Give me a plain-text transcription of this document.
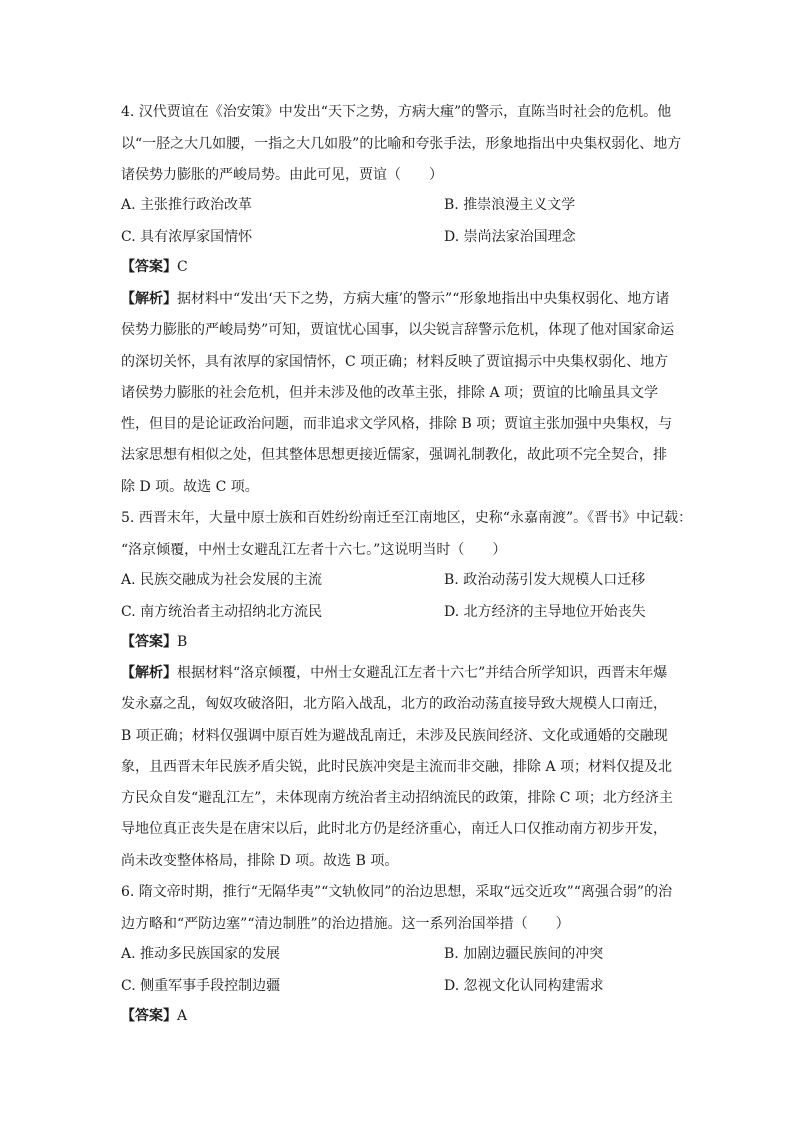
4. 汉代贾谊在《治安策》中发出“天下之势，方病大瘇”的警示，直陈当时社会的危机。他
以“一胫之大几如腰，一指之大几如股”的比喻和夸张手法，形象地指出中央集权弱化、地方
诸侯势力膨胀的严峻局势。由此可见，贾谊（　　）
A. 主张推行政治改革	B. 推崇浪漫主义文学
C. 具有浓厚家国情怀	D. 崇尚法家治国理念
【答案】C
【解析】据材料中“发出‘天下之势，方病大瘇’的警示”“形象地指出中央集权弱化、地方诸
侯势力膨胀的严峻局势”可知，贾谊忧心国事，以尖锐言辞警示危机，体现了他对国家命运
的深切关怀，具有浓厚的家国情怀，C 项正确；材料反映了贾谊揭示中央集权弱化、地方
诸侯势力膨胀的社会危机，但并未涉及他的改革主张，排除 A 项；贾谊的比喻虽具文学
性，但目的是论证政治问题，而非追求文学风格，排除 B 项；贾谊主张加强中央集权，与
法家思想有相似之处，但其整体思想更接近儒家，强调礼制教化，故此项不完全契合，排
除 D 项。故选 C 项。
5. 西晋末年，大量中原士族和百姓纷纷南迁至江南地区，史称“永嘉南渡”。《晋书》中记载：
“洛京倾覆，中州士女避乱江左者十六七。”这说明当时（　　）
A. 民族交融成为社会发展的主流	B. 政治动荡引发大规模人口迁移
C. 南方统治者主动招纳北方流民	D. 北方经济的主导地位开始丧失
【答案】B
【解析】根据材料“洛京倾覆，中州士女避乱江左者十六七”并结合所学知识，西晋末年爆
发永嘉之乱，匈奴攻破洛阳，北方陷入战乱，北方的政治动荡直接导致大规模人口南迁，
B 项正确；材料仅强调中原百姓为避战乱南迁，未涉及民族间经济、文化或通婚的交融现
象，且西晋末年民族矛盾尖锐，此时民族冲突是主流而非交融，排除 A 项；材料仅提及北
方民众自发“避乱江左”，未体现南方统治者主动招纳流民的政策，排除 C 项；北方经济主
导地位真正丧失是在唐宋以后，此时北方仍是经济重心，南迁人口仅推动南方初步开发，
尚未改变整体格局，排除 D 项。故选 B 项。
6. 隋文帝时期，推行“无隔华夷”“文轨攸同”的治边思想，采取“远交近攻”“离强合弱”的治
边方略和“严防边塞”“清边制胜”的治边措施。这一系列治国举措（　　）
A. 推动多民族国家的发展	B. 加剧边疆民族间的冲突
C. 侧重军事手段控制边疆	D. 忽视文化认同构建需求
【答案】A
